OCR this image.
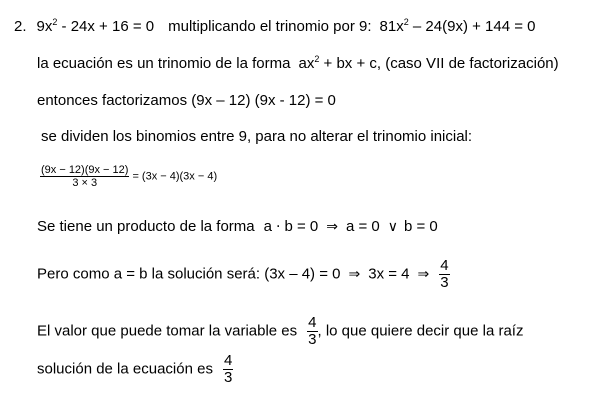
2. $9x^2 - 24x + 16 = 0$ multiplicando el trinomio por 9: $81x^2 - 24(9x) + 144 = 0$
la ecuación es un trinomio de la forma $ax^2$ + bx + c, (caso VII de factorización)
entonces factorizamos (9x – 12) (9x - 12) = 0
se dividen los binomios entre 9, para no alterar el trinomio inicial:
$\frac{(9x - 12)(9x - 12)}{3 \times 3} = (3x - 4)(3x - 4)$
Se tiene un producto de la forma a · b = 0 ⇒ a = 0 ∨ b = 0
Pero como a = b la solución será: (3x – 4) = 0 ⇒ 3x = 4 ⇒ $\frac{4}{3}$
El valor que puede tomar la variable es $\frac{4}{3}$ , lo que quiere decir que la raíz
solución de la ecuación es $\frac{4}{3}$
